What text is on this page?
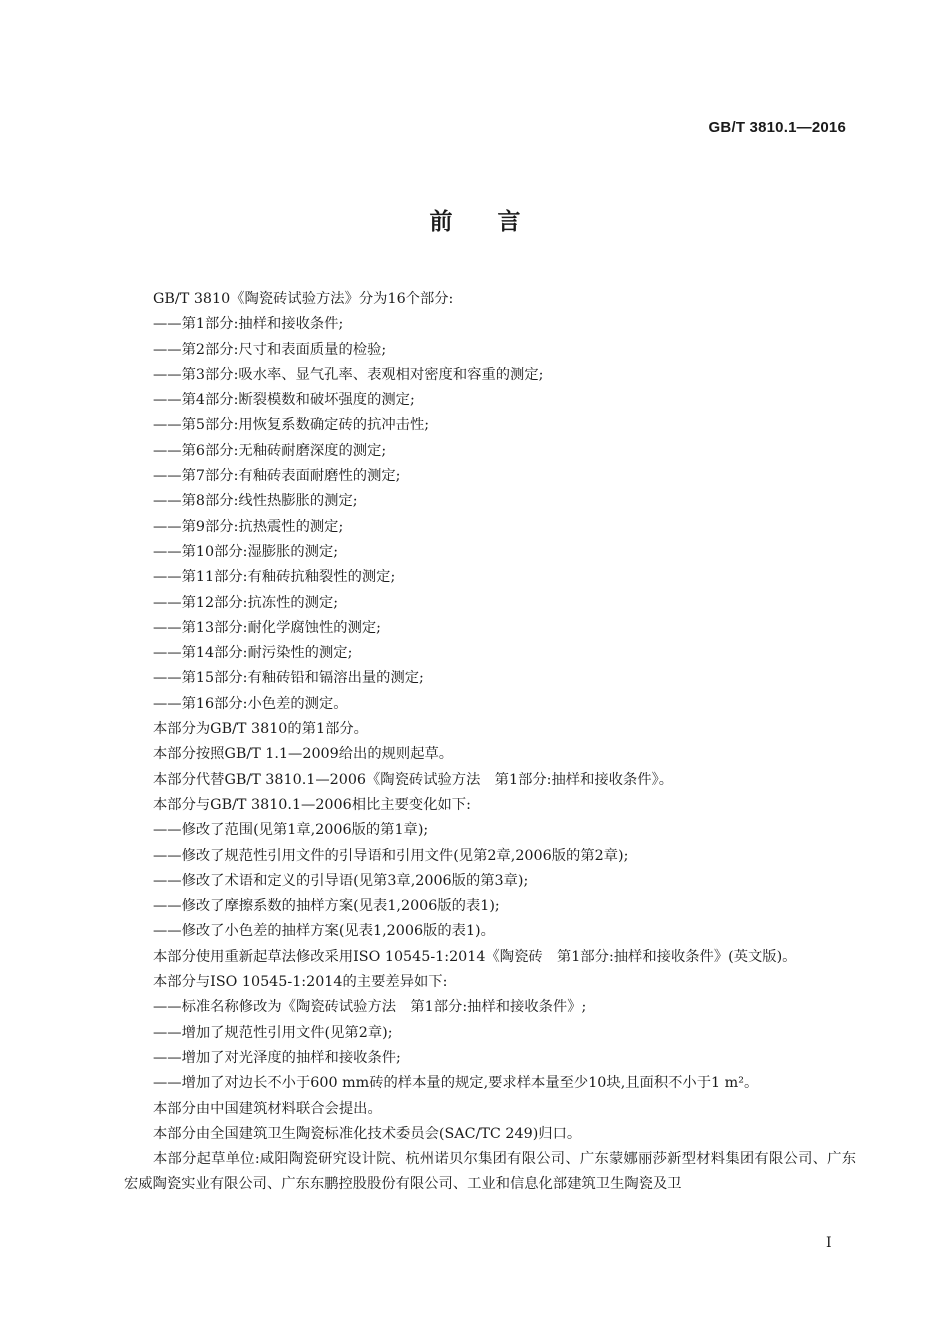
GB/T 3810.1—2016
前言

GB/T 3810《陶瓷砖试验方法》分为16个部分:

——第1部分:抽样和接收条件;

——第2部分:尺寸和表面质量的检验;

——第3部分:吸水率、显气孔率、表观相对密度和容重的测定;

——第4部分:断裂模数和破坏强度的测定;

——第5部分:用恢复系数确定砖的抗冲击性;

——第6部分:无釉砖耐磨深度的测定;

——第7部分:有釉砖表面耐磨性的测定;

——第8部分:线性热膨胀的测定;

——第9部分:抗热震性的测定;

——第10部分:湿膨胀的测定;

——第11部分:有釉砖抗釉裂性的测定;

——第12部分:抗冻性的测定;

——第13部分:耐化学腐蚀性的测定;

——第14部分:耐污染性的测定;

——第15部分:有釉砖铅和镉溶出量的测定;

——第16部分:小色差的测定。

本部分为GB/T 3810的第1部分。

本部分按照GB/T 1.1—2009给出的规则起草。

本部分代替GB/T 3810.1—2006《陶瓷砖试验方法　第1部分:抽样和接收条件》。

本部分与GB/T 3810.1—2006相比主要变化如下:

——修改了范围(见第1章,2006版的第1章);

——修改了规范性引用文件的引导语和引用文件(见第2章,2006版的第2章);

——修改了术语和定义的引导语(见第3章,2006版的第3章);

——修改了摩擦系数的抽样方案(见表1,2006版的表1);

——修改了小色差的抽样方案(见表1,2006版的表1)。

本部分使用重新起草法修改采用ISO 10545-1:2014《陶瓷砖　第1部分:抽样和接收条件》(英文版)。

本部分与ISO 10545-1:2014的主要差异如下:

——标准名称修改为《陶瓷砖试验方法　第1部分:抽样和接收条件》;

——增加了规范性引用文件(见第2章);

——增加了对光泽度的抽样和接收条件;

——增加了对边长不小于600 mm砖的样本量的规定,要求样本量至少10块,且面积不小于1 m²。

本部分由中国建筑材料联合会提出。

本部分由全国建筑卫生陶瓷标准化技术委员会(SAC/TC 249)归口。

本部分起草单位:咸阳陶瓷研究设计院、杭州诺贝尔集团有限公司、广东蒙娜丽莎新型材料集团有限公司、广东宏威陶瓷实业有限公司、广东东鹏控股股份有限公司、工业和信息化部建筑卫生陶瓷及卫

I
